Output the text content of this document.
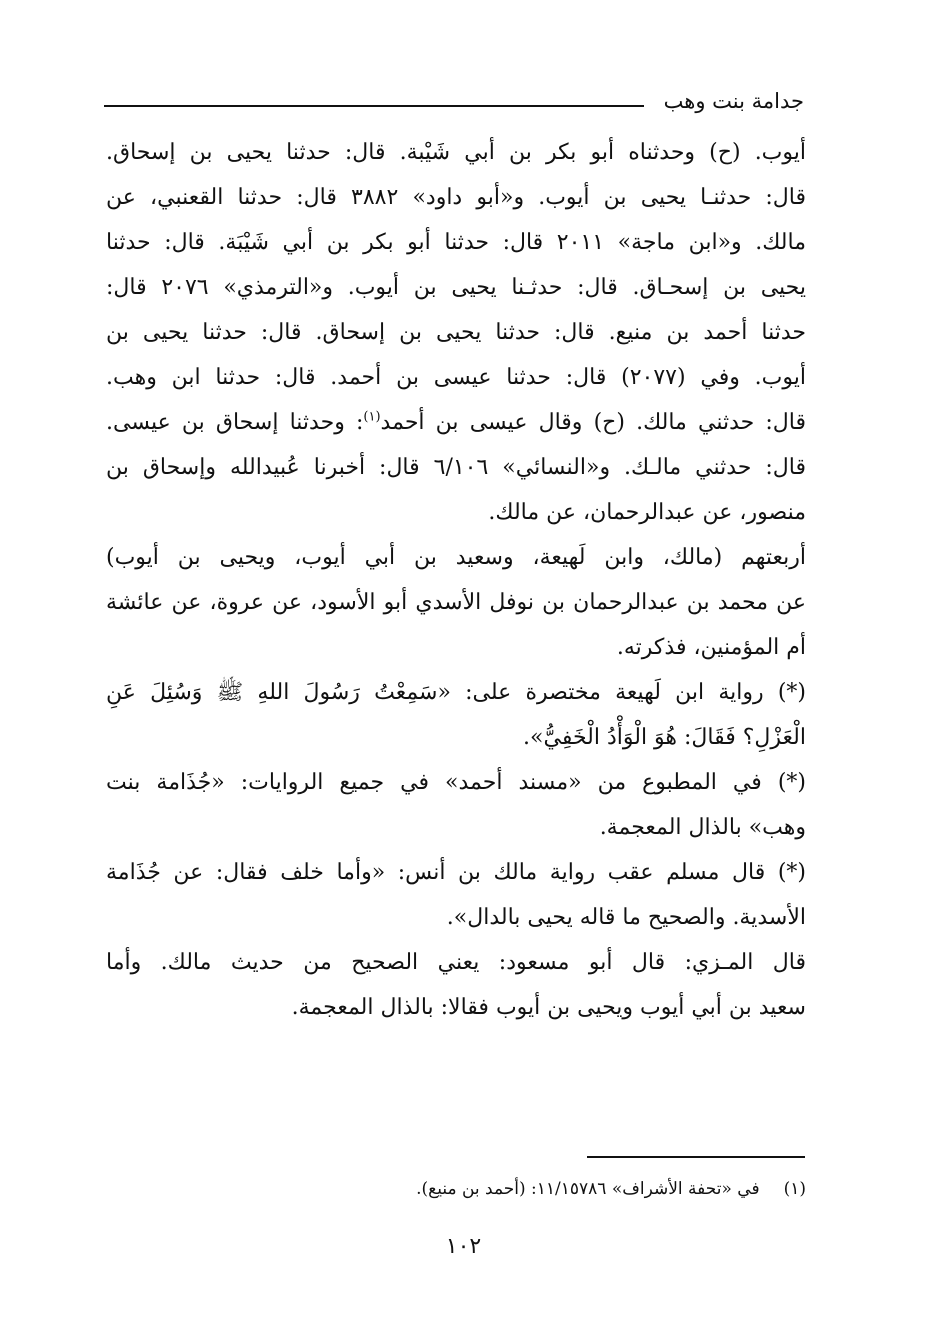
جدامة بنت وهب
أيوب. (ح) وحدثناه أبو بكر بن أبي شَيْبة. قال: حدثنا يحيى بن إسحاق.
قال: حدثنـا يحيى بن أيوب. و«أبو داود» ٣٨٨٢ قال: حدثنا القعنبي، عن
مالك. و«ابن ماجة» ٢٠١١ قال: حدثنا أبو بكر بن أبي شَيْبَة. قال: حدثنا
يحيى بن إسحـاق. قال: حدثـنا يحيى بن أيوب. و«الترمذي» ٢٠٧٦ قال:
حدثنا أحمد بن منيع. قال: حدثنا يحيى بن إسحاق. قال: حدثنا يحيى بن
أيوب. وفي (٢٠٧٧) قال: حدثنا عيسى بن أحمد. قال: حدثنا ابن وهب.
قال: حدثني مالك. (ح) وقال عيسى بن أحمد$^{(١)}$: وحدثنا إسحاق بن عيسى.
قال: حدثني مالـك. و«النسائي» ٦/١٠٦ قال: أخبرنا عُبيدالله وإسحاق بن
منصور، عن عبدالرحمان، عن مالك.
أربعتهم (مالك، وابن لَهيعة، وسعيد بن أبي أيوب، ويحيى بن أيوب)
عن محمد بن عبدالرحمان بن نوفل الأسدي أبو الأسود، عن عروة، عن عائشة
أم المؤمنين، فذكرته.
(*) رواية ابن لَهيعة مختصرة على: «سَمِعْتُ رَسُولَ اللهِ ﷺ وَسُئِلَ عَنِ
الْعَزْلِ؟ فَقَالَ: هُوَ الْوَأْدُ الْخَفِيُّ».
(*) في المطبوع من «مسند أحمد» في جميع الروايات: «جُذَامة بنت
وهب» بالذال المعجمة.
(*) قال مسلم عقب رواية مالك بن أنس: «وأما خلف فقال: عن جُذَامة
الأسدية. والصحيح ما قاله يحيى بالدال».
قال المـزي: قال أبو مسعود: يعني الصحيح من حديث مالك. وأما
سعيد بن أبي أيوب ويحيى بن أيوب فقالا: بالذال المعجمة.
(١)في «تحفة الأشراف» ١١/١٥٧٨٦: (أحمد بن منيع).
١٠٢
